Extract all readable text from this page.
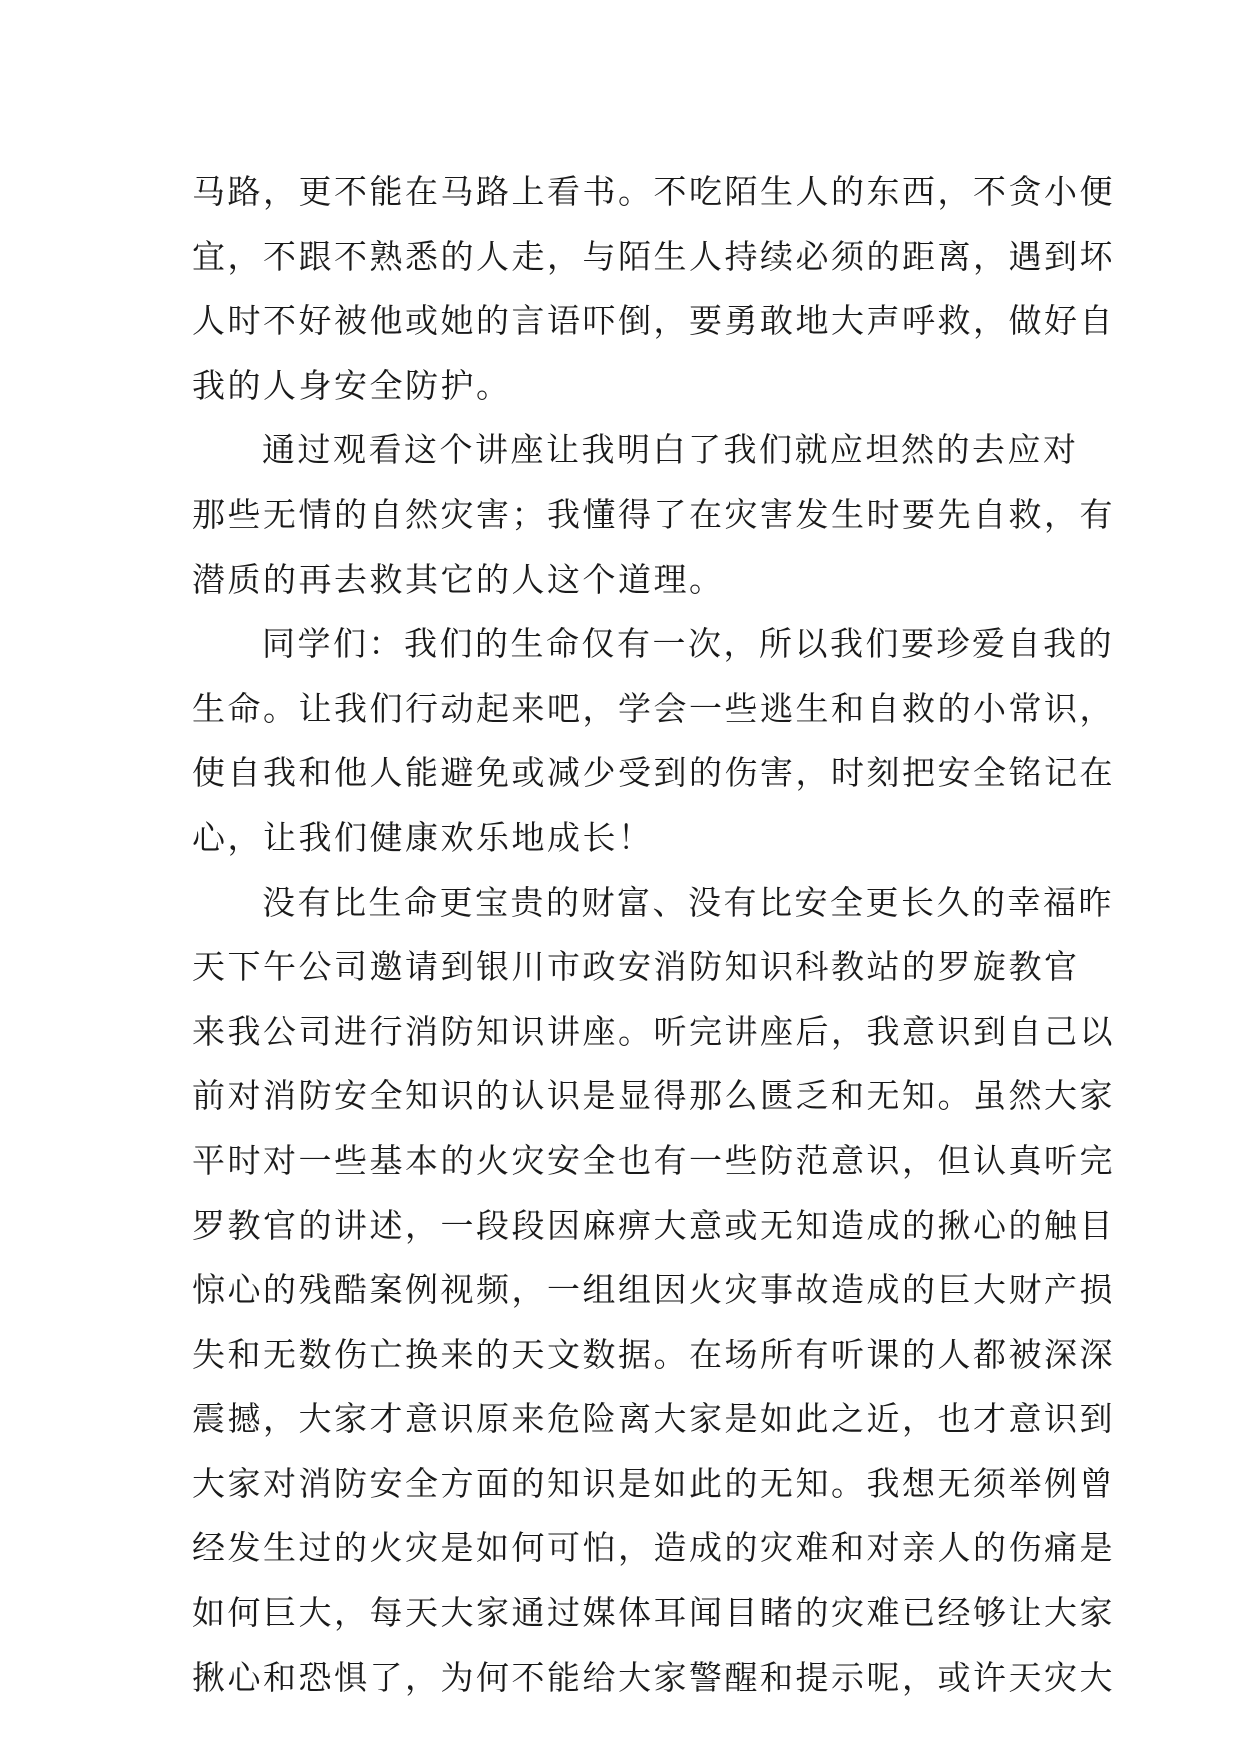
马路，更不能在马路上看书。不吃陌生人的东西，不贪小便
宜，不跟不熟悉的人走，与陌生人持续必须的距离，遇到坏
人时不好被他或她的言语吓倒，要勇敢地大声呼救，做好自
我的人身安全防护。
通过观看这个讲座让我明白了我们就应坦然的去应对
那些无情的自然灾害；我懂得了在灾害发生时要先自救，有
潜质的再去救其它的人这个道理。
同学们：我们的生命仅有一次，所以我们要珍爱自我的
生命。让我们行动起来吧，学会一些逃生和自救的小常识，
使自我和他人能避免或减少受到的伤害，时刻把安全铭记在
心，让我们健康欢乐地成长！
没有比生命更宝贵的财富、没有比安全更长久的幸福昨
天下午公司邀请到银川市政安消防知识科教站的罗旋教官
来我公司进行消防知识讲座。听完讲座后，我意识到自己以
前对消防安全知识的认识是显得那么匮乏和无知。虽然大家
平时对一些基本的火灾安全也有一些防范意识，但认真听完
罗教官的讲述，一段段因麻痹大意或无知造成的揪心的触目
惊心的残酷案例视频，一组组因火灾事故造成的巨大财产损
失和无数伤亡换来的天文数据。在场所有听课的人都被深深
震撼，大家才意识原来危险离大家是如此之近，也才意识到
大家对消防安全方面的知识是如此的无知。我想无须举例曾
经发生过的火灾是如何可怕，造成的灾难和对亲人的伤痛是
如何巨大，每天大家通过媒体耳闻目睹的灾难已经够让大家
揪心和恐惧了，为何不能给大家警醒和提示呢，或许天灾大
